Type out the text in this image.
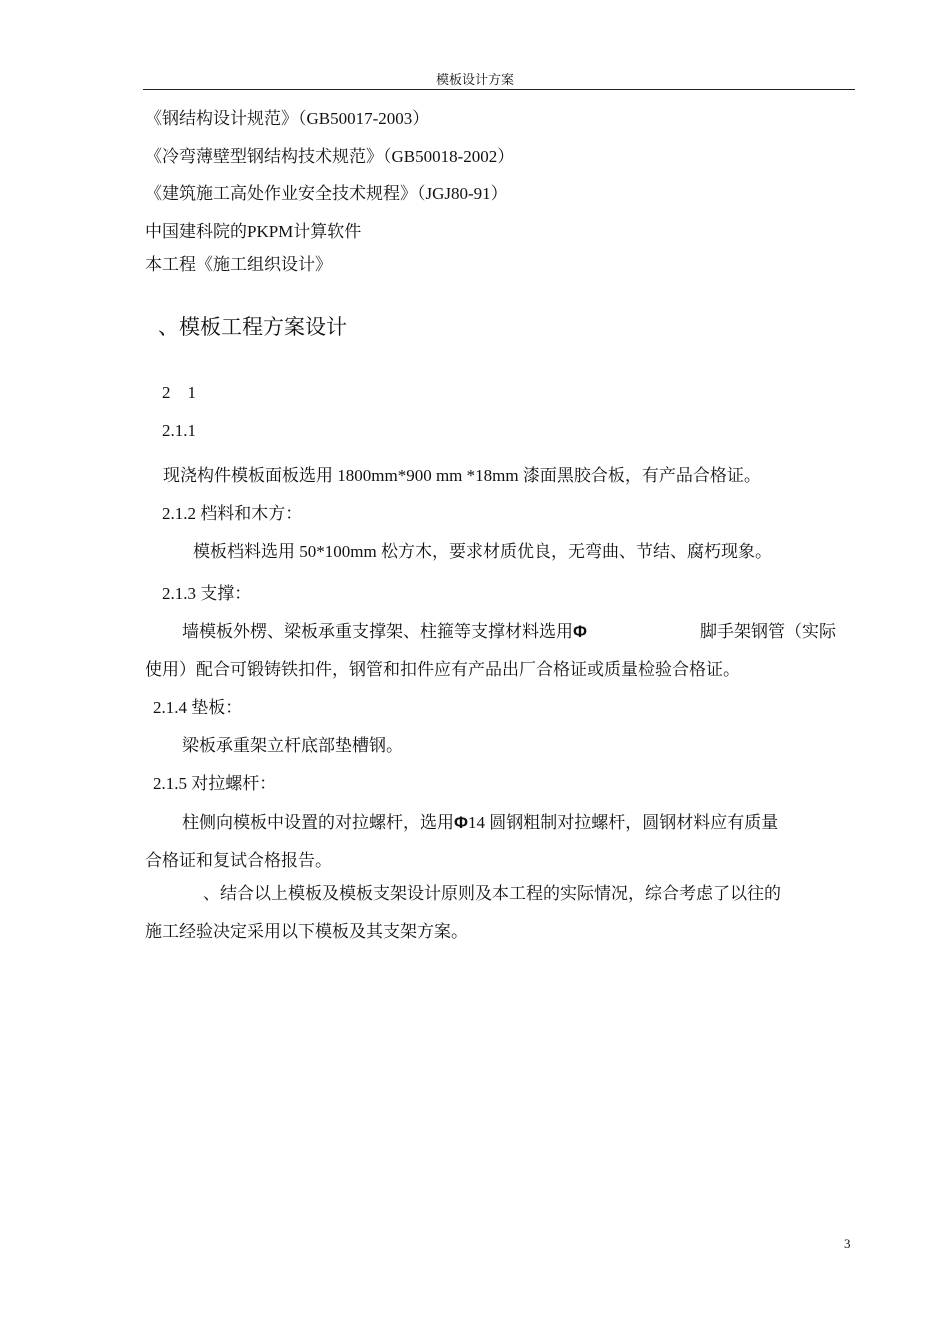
模板设计方案
《钢结构设计规范》（GB50017-2003）
《冷弯薄壁型钢结构技术规范》（GB50018-2002）
《建筑施工高处作业安全技术规程》（JGJ80-91）
中国建科院的PKPM计算软件
本工程《施工组织设计》
、模板工程方案设计
2　1
2.1.1
现浇构件模板面板选用 1800mm*900 mm *18mm 漆面黑胶合板，有产品合格证。
2.1.2 档料和木方：
模板档料选用 50*100mm 松方木，要求材质优良，无弯曲、节结、腐朽现象。
2.1.3 支撑：
墙模板外楞、梁板承重支撑架、柱箍等支撑材料选用Φ	脚手架钢管（实际
使用）配合可锻铸铁扣件，钢管和扣件应有产品出厂合格证或质量检验合格证。
2.1.4 垫板：
梁板承重架立杆底部垫槽钢。
2.1.5 对拉螺杆：
柱侧向模板中设置的对拉螺杆，选用Φ14 圆钢粗制对拉螺杆，圆钢材料应有质量
合格证和复试合格报告。
、结合以上模板及模板支架设计原则及本工程的实际情况，综合考虑了以往的
施工经验决定采用以下模板及其支架方案。
3
